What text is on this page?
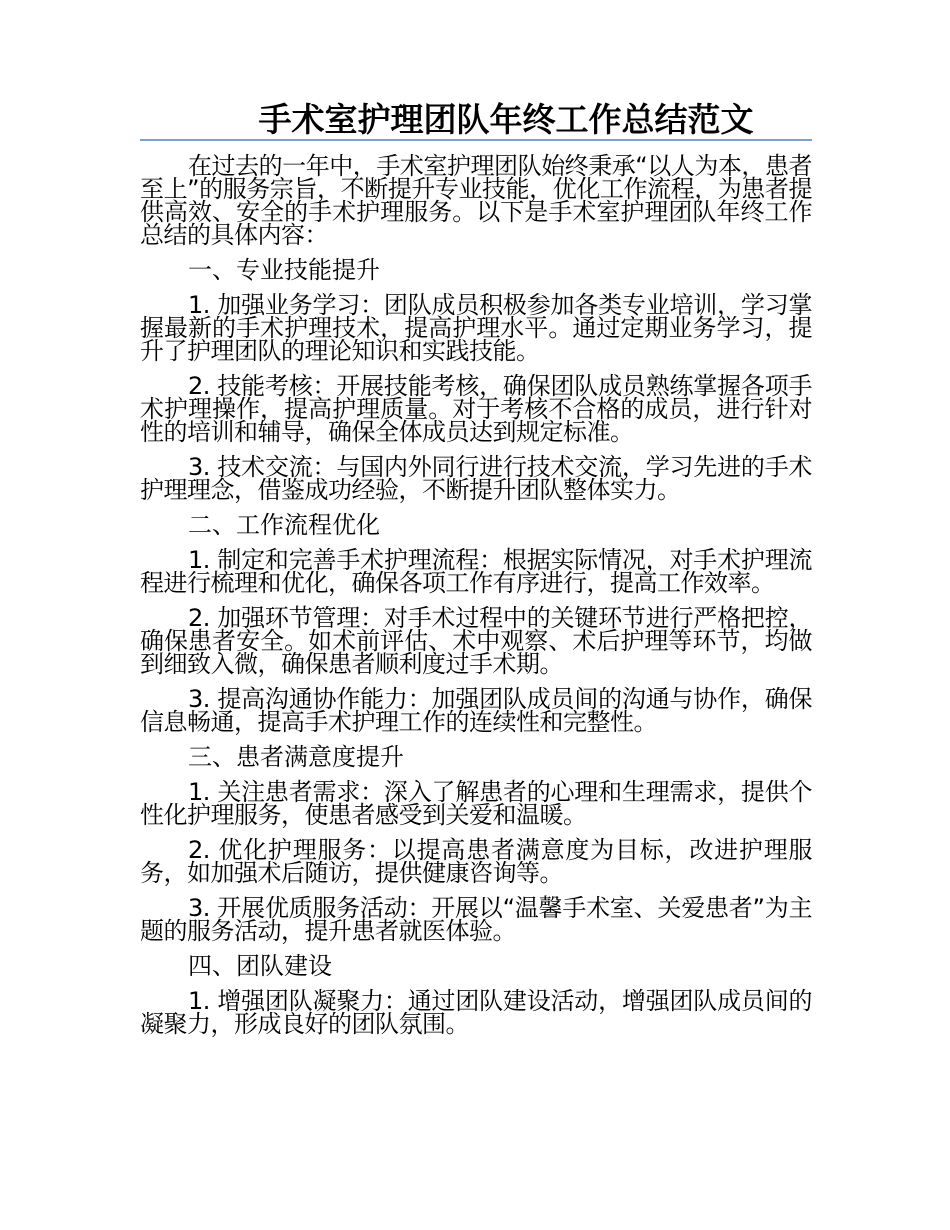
手术室护理团队年终工作总结范文

在过去的一年中，手术室护理团队始终秉承“以人为本，患者至上”的服务宗旨，不断提升专业技能，优化工作流程，为患者提供高效、安全的手术护理服务。以下是手术室护理团队年终工作总结的具体内容：

一、专业技能提升

1. 加强业务学习：团队成员积极参加各类专业培训，学习掌握最新的手术护理技术，提高护理水平。通过定期业务学习，提升了护理团队的理论知识和实践技能。

2. 技能考核：开展技能考核，确保团队成员熟练掌握各项手术护理操作，提高护理质量。对于考核不合格的成员，进行针对性的培训和辅导，确保全体成员达到规定标准。

3. 技术交流：与国内外同行进行技术交流，学习先进的手术护理理念，借鉴成功经验，不断提升团队整体实力。

二、工作流程优化

1. 制定和完善手术护理流程：根据实际情况，对手术护理流程进行梳理和优化，确保各项工作有序进行，提高工作效率。

2. 加强环节管理：对手术过程中的关键环节进行严格把控，确保患者安全。如术前评估、术中观察、术后护理等环节，均做到细致入微，确保患者顺利度过手术期。

3. 提高沟通协作能力：加强团队成员间的沟通与协作，确保信息畅通，提高手术护理工作的连续性和完整性。

三、患者满意度提升

1. 关注患者需求：深入了解患者的心理和生理需求，提供个性化护理服务，使患者感受到关爱和温暖。

2. 优化护理服务：以提高患者满意度为目标，改进护理服务，如加强术后随访，提供健康咨询等。

3. 开展优质服务活动：开展以“温馨手术室、关爱患者”为主题的服务活动，提升患者就医体验。

四、团队建设

1. 增强团队凝聚力：通过团队建设活动，增强团队成员间的凝聚力，形成良好的团队氛围。
